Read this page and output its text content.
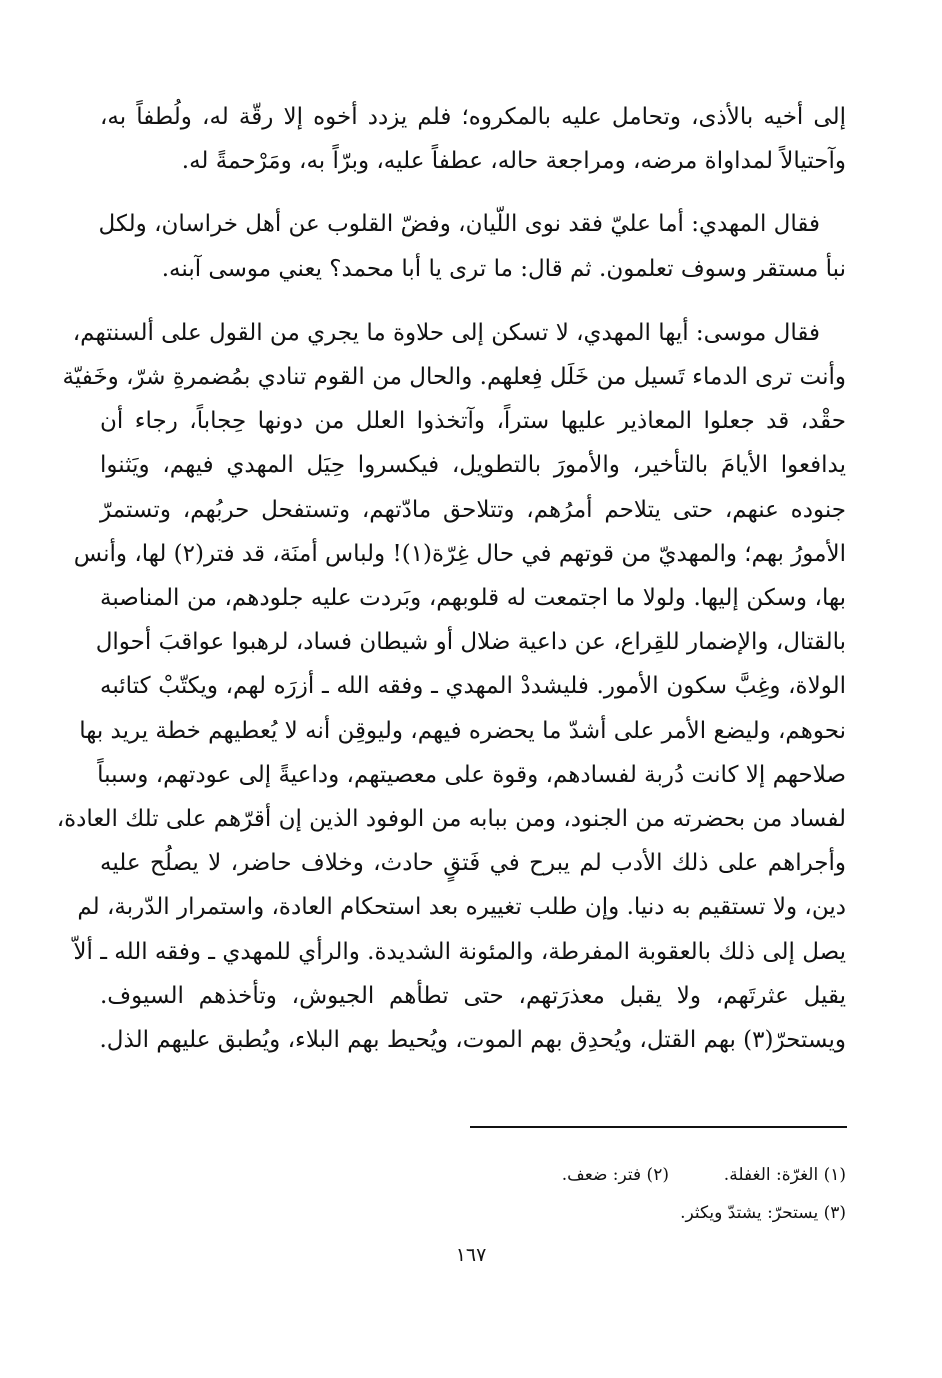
إلى أخيه بالأذى، وتحامل عليه بالمكروه؛ فلم يزدد أخوه إلا رقّة له، ولُطفاً به،
وآحتيالاً لمداواة مرضه، ومراجعة حاله، عطفاً عليه، وبرّاً به، ومَرْحمةً له.

فقال المهدي: أما عليّ فقد نوى اللّيان، وفضّ القلوب عن أهل خراسان، ولكل
نبأ مستقر وسوف تعلمون. ثم قال: ما ترى يا أبا محمد؟ يعني موسى آبنه.

فقال موسى: أيها المهدي، لا تسكن إلى حلاوة ما يجري من القول على ألسنتهم،
وأنت ترى الدماء تَسيل من خَلَل فِعلهم. والحال من القوم تنادي بمُضمرةِ شرّ، وخَفيّة
حقْد، قد جعلوا المعاذير عليها ستراً، وآتخذوا العلل من دونها حِجاباً، رجاء أن
يدافعوا الأيامَ بالتأخير، والأمورَ بالتطويل، فيكسروا حِيَل المهدي فيهم، ويَثنوا
جنوده عنهم، حتى يتلاحم أمرُهم، وتتلاحق مادّتهم، وتستفحل حربُهم، وتستمرّ
الأمورُ بهم؛ والمهديّ من قوتهم في حال غِرّة(١)! ولباس أمنَة، قد فتر(٢) لها، وأنس
بها، وسكن إليها. ولولا ما اجتمعت له قلوبهم، وبَردت عليه جلودهم، من المناصبة
بالقتال، والإضمار للقِراع، عن داعية ضلال أو شيطان فساد، لرهبوا عواقبَ أحوال
الولاة، وغِبَّ سكون الأمور. فليشددْ المهدي ـ وفقه الله ـ أزرَه لهم، ويكتّبْ كتائبه
نحوهم، وليضع الأمر على أشدّ ما يحضره فيهم، وليوقِن أنه لا يُعطيهم خطة يريد بها
صلاحهم إلا كانت دُربة لفسادهم، وقوة على معصيتهم، وداعيةً إلى عودتهم، وسبباً
لفساد من بحضرته من الجنود، ومن ببابه من الوفود الذين إن أقرّهم على تلك العادة،
وأجراهم على ذلك الأدب لم يبرح في فَتقٍ حادث، وخلاف حاضر، لا يصلُح عليه
دين، ولا تستقيم به دنيا. وإن طلب تغييره بعد استحكام العادة، واستمرار الدّربة، لم
يصل إلى ذلك بالعقوبة المفرطة، والمئونة الشديدة. والرأي للمهدي ـ وفقه الله ـ ألاّ
يقيل عثرتَهم، ولا يقبل معذرَتهم، حتى تطأهم الجيوش، وتأخذهم السيوف.
ويستحرّ(٣) بهم القتل، ويُحدِق بهم الموت، ويُحيط بهم البلاء، ويُطبق عليهم الذل.

(١) الغرّة: الغفلة.  (٢) فتر: ضعف.
(٣) يستحرّ: يشتدّ ويكثر.
١٦٧
